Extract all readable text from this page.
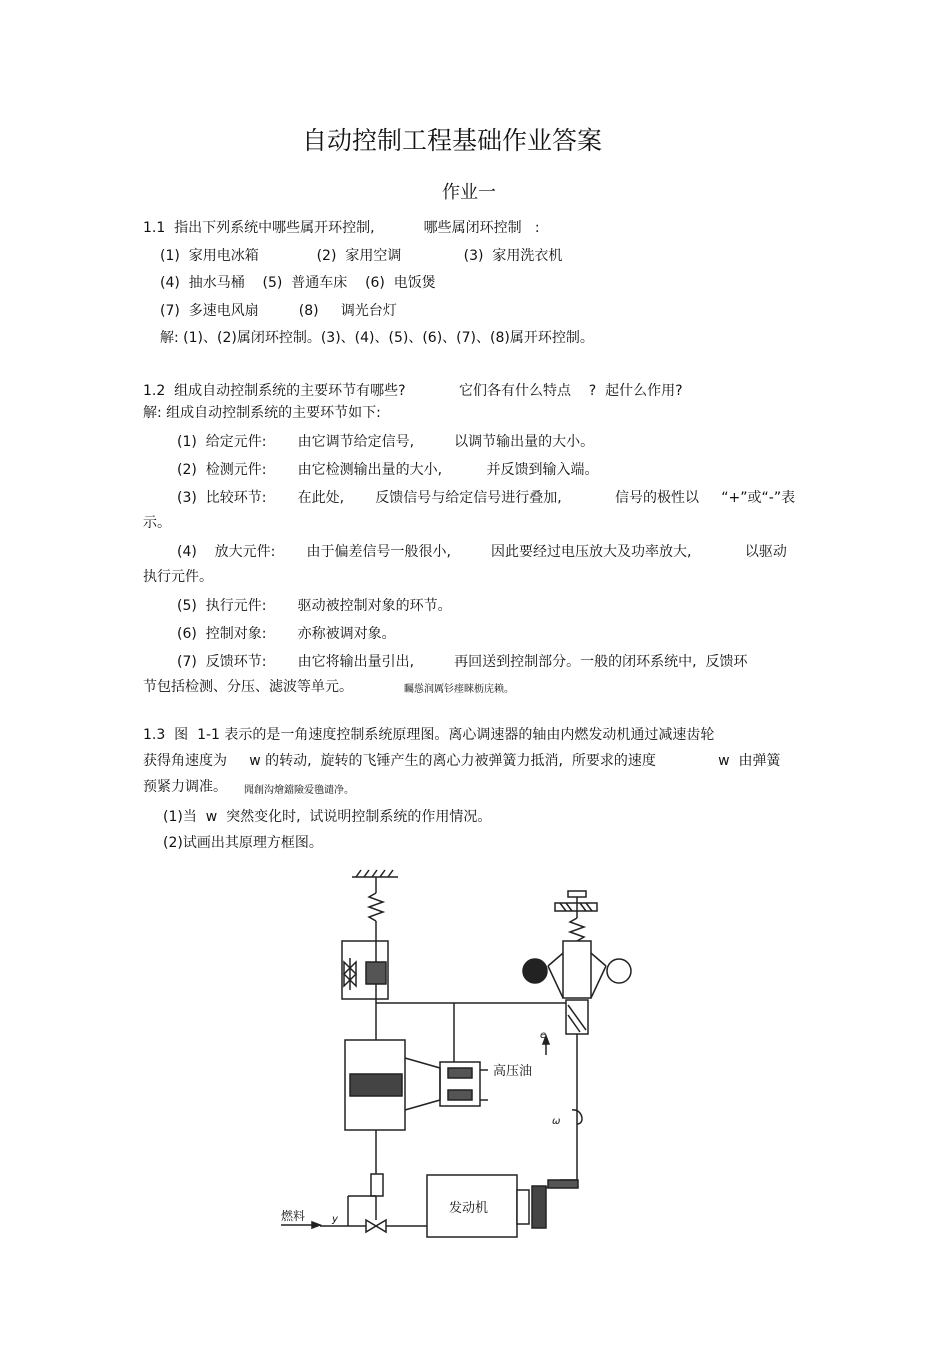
自动控制工程基础作业答案
作业一
1.1  指出下列系统中哪些属开环控制,           哪些属闭环控制   :
(1)  家用电冰箱             (2)  家用空调              (3)  家用洗衣机
(4)  抽水马桶    (5)  普通车床    (6)  电饭煲
(7)  多速电风扇         (8)     调光台灯
解: (1)、(2)属闭环控制。(3)、(4)、(5)、(6)、(7)、(8)属开环控制。
1.2  组成自动控制系统的主要环节有哪些?            它们各有什么特点    ?  起什么作用?
解: 组成自动控制系统的主要环节如下:
(1)  给定元件:       由它调节给定信号,         以调节输出量的大小。
(2)  检测元件:       由它检测输出量的大小,          并反馈到输入端。
(3)  比较环节:       在此处,       反馈信号与给定信号进行叠加,            信号的极性以     “+”或“-”表
示。
(4)    放大元件:       由于偏差信号一般很小,         因此要经过电压放大及功率放大,            以驱动
执行元件。
(5)  执行元件:       驱动被控制对象的环节。
(6)  控制对象:       亦称被调对象。
(7)  反馈环节:       由它将输出量引出,         再回送到控制部分。一般的闭环系统中,  反馈环
节包括检测、分压、滤波等单元。	矚慫润厲钐瘗睞枥庑赖。
1.3  图  1-1 表示的是一角速度控制系统原理图。离心调速器的轴由内燃发动机通过减速齿轮
获得角速度为     w 的转动,  旋转的飞锤产生的离心力被弹簧力抵消,  所要求的速度              w  由弹簧
预紧力调准。 聞創沟燴鐺險爱氇谴净。
(1)当  w  突然变化时,  试说明控制系统的作用情况。
(2)试画出其原理方框图。
高压油
发动机
燃料	y
e
ω
